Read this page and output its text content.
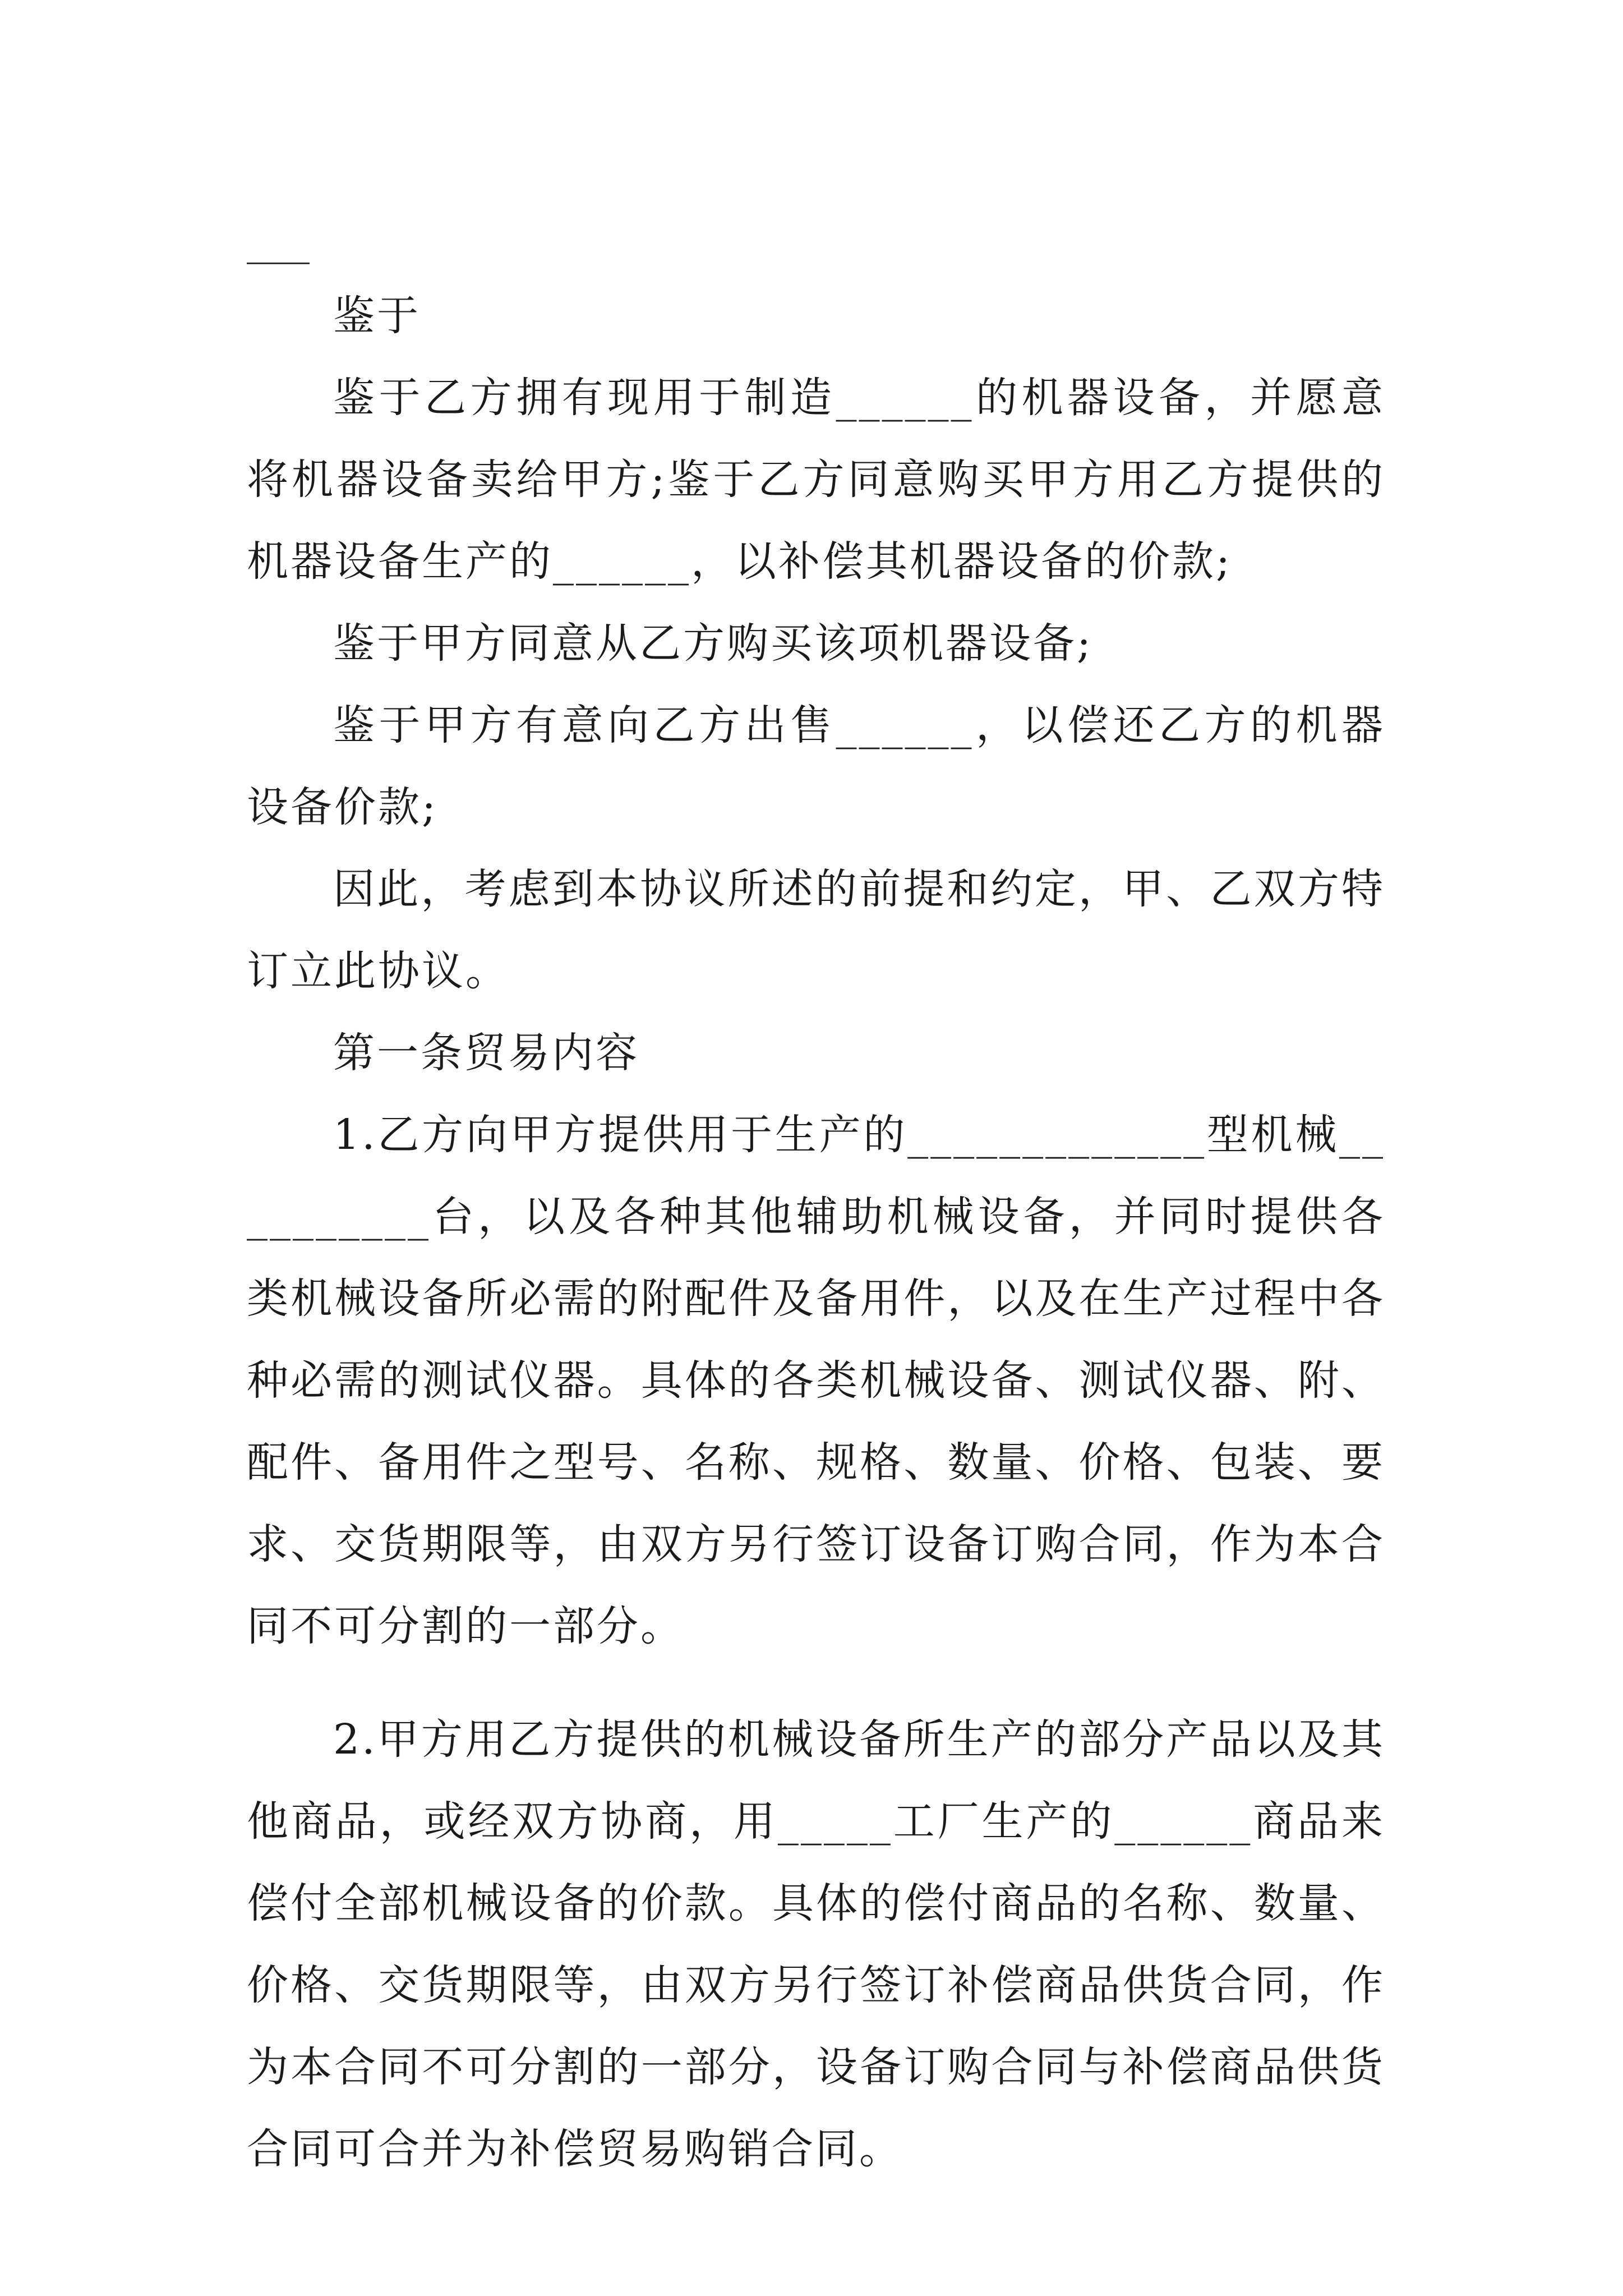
鉴于

鉴于乙方拥有现用于制造______的机器设备，并愿意将机器设备卖给甲方;鉴于乙方同意购买甲方用乙方提供的机器设备生产的______，以补偿其机器设备的价款;

鉴于甲方同意从乙方购买该项机器设备;

鉴于甲方有意向乙方出售______，以偿还乙方的机器设备价款;

因此，考虑到本协议所述的前提和约定，甲、乙双方特订立此协议。

第一条贸易内容

1.乙方向甲方提供用于生产的_____________型机械__________台，以及各种其他辅助机械设备，并同时提供各类机械设备所必需的附配件及备用件，以及在生产过程中各种必需的测试仪器。具体的各类机械设备、测试仪器、附、配件、备用件之型号、名称、规格、数量、价格、包装、要求、交货期限等，由双方另行签订设备订购合同，作为本合同不可分割的一部分。

2.甲方用乙方提供的机械设备所生产的部分产品以及其他商品，或经双方协商，用_____工厂生产的______商品来偿付全部机械设备的价款。具体的偿付商品的名称、数量、价格、交货期限等，由双方另行签订补偿商品供货合同，作为本合同不可分割的一部分，设备订购合同与补偿商品供货合同可合并为补偿贸易购销合同。
